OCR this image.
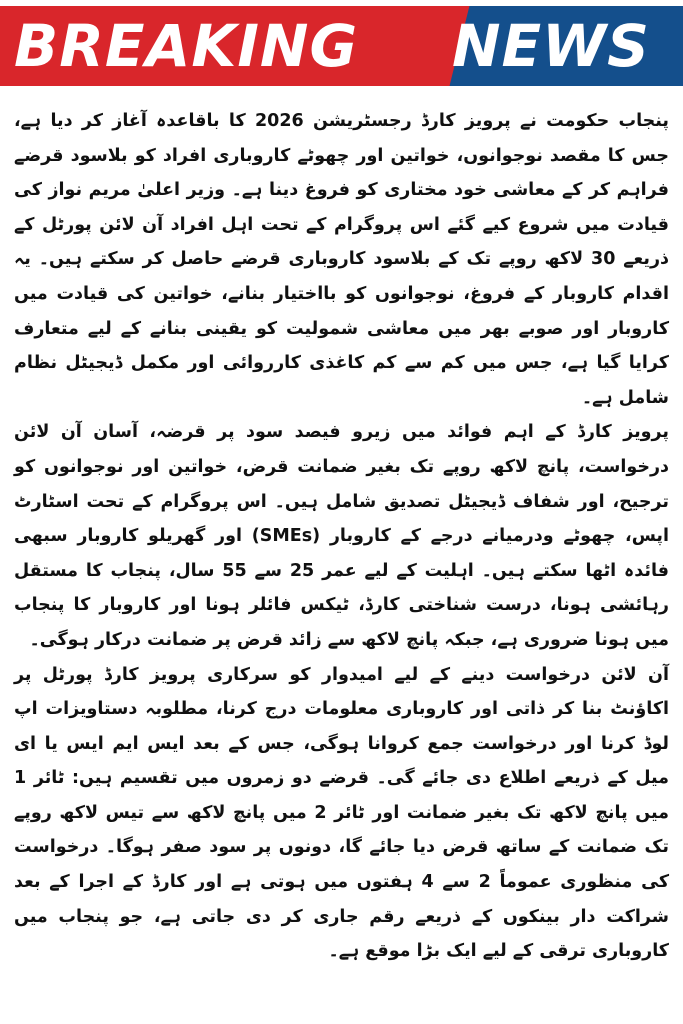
BREAKING NEWS

پنجاب حکومت نے پرویز کارڈ رجسٹریشن 2026 کا باقاعدہ آغاز کر دیا ہے، جس کا مقصد نوجوانوں، خواتین اور چھوٹے کاروباری افراد کو بلاسود قرضے فراہم کر کے معاشی خود مختاری کو فروغ دینا ہے۔ وزیر اعلیٰ مریم نواز کی قیادت میں شروع کیے گئے اس پروگرام کے تحت اہل افراد آن لائن پورٹل کے ذریعے 30 لاکھ روپے تک کے بلاسود کاروباری قرضے حاصل کر سکتے ہیں۔ یہ اقدام کاروبار کے فروغ، نوجوانوں کو بااختیار بنانے، خواتین کی قیادت میں کاروبار اور صوبے بھر میں معاشی شمولیت کو یقینی بنانے کے لیے متعارف کرایا گیا ہے، جس میں کم سے کم کاغذی کارروائی اور مکمل ڈیجیٹل نظام شامل ہے۔

پرویز کارڈ کے اہم فوائد میں زیرو فیصد سود پر قرضہ، آسان آن لائن درخواست، پانچ لاکھ روپے تک بغیر ضمانت قرض، خواتین اور نوجوانوں کو ترجیح، اور شفاف ڈیجیٹل تصدیق شامل ہیں۔ اس پروگرام کے تحت اسٹارٹ اپس، چھوٹے ودرمیانے درجے کے کاروبار (SMEs) اور گھریلو کاروبار سبھی فائدہ اٹھا سکتے ہیں۔ اہلیت کے لیے عمر 25 سے 55 سال، پنجاب کا مستقل رہائشی ہونا، درست شناختی کارڈ، ٹیکس فائلر ہونا اور کاروبار کا پنجاب میں ہونا ضروری ہے، جبکہ پانچ لاکھ سے زائد قرض پر ضمانت درکار ہوگی۔

آن لائن درخواست دینے کے لیے امیدوار کو سرکاری پرویز کارڈ پورٹل پر اکاؤنٹ بنا کر ذاتی اور کاروباری معلومات درج کرنا، مطلوبہ دستاویزات اپ لوڈ کرنا اور درخواست جمع کروانا ہوگی، جس کے بعد ایس ایم ایس یا ای میل کے ذریعے اطلاع دی جائے گی۔ قرضے دو زمروں میں تقسیم ہیں: ٹائر 1 میں پانچ لاکھ تک بغیر ضمانت اور ٹائر 2 میں پانچ لاکھ سے تیس لاکھ روپے تک ضمانت کے ساتھ قرض دیا جائے گا، دونوں پر سود صفر ہوگا۔ درخواست کی منظوری عموماً 2 سے 4 ہفتوں میں ہوتی ہے اور کارڈ کے اجرا کے بعد شراکت دار بینکوں کے ذریعے رقم جاری کر دی جاتی ہے، جو پنجاب میں کاروباری ترقی کے لیے ایک بڑا موقع ہے۔
